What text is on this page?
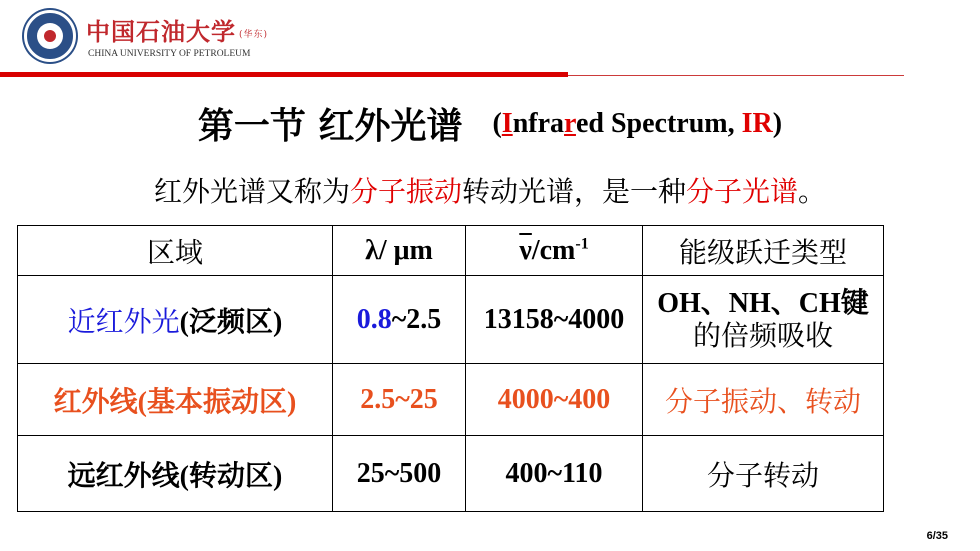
中国石油大学 (华东)
CHINA UNIVERSITY OF PETROLEUM
第一节 红外光谱 (Infrared Spectrum, IR)
红外光谱又称为分子振动转动光谱，是一种分子光谱。
区域	λ/ μm	$\overline{\nu}/cm^{-1}$	能级跃迁类型
近红外光(泛频区)	0.8~2.5	13158~4000	OH、NH、CH键
的倍频吸收

红外线(基本振动区)	2.5~25	4000~400	分子振动、转动
远红外线(转动区)	25~500	400~110	分子转动
6/35
